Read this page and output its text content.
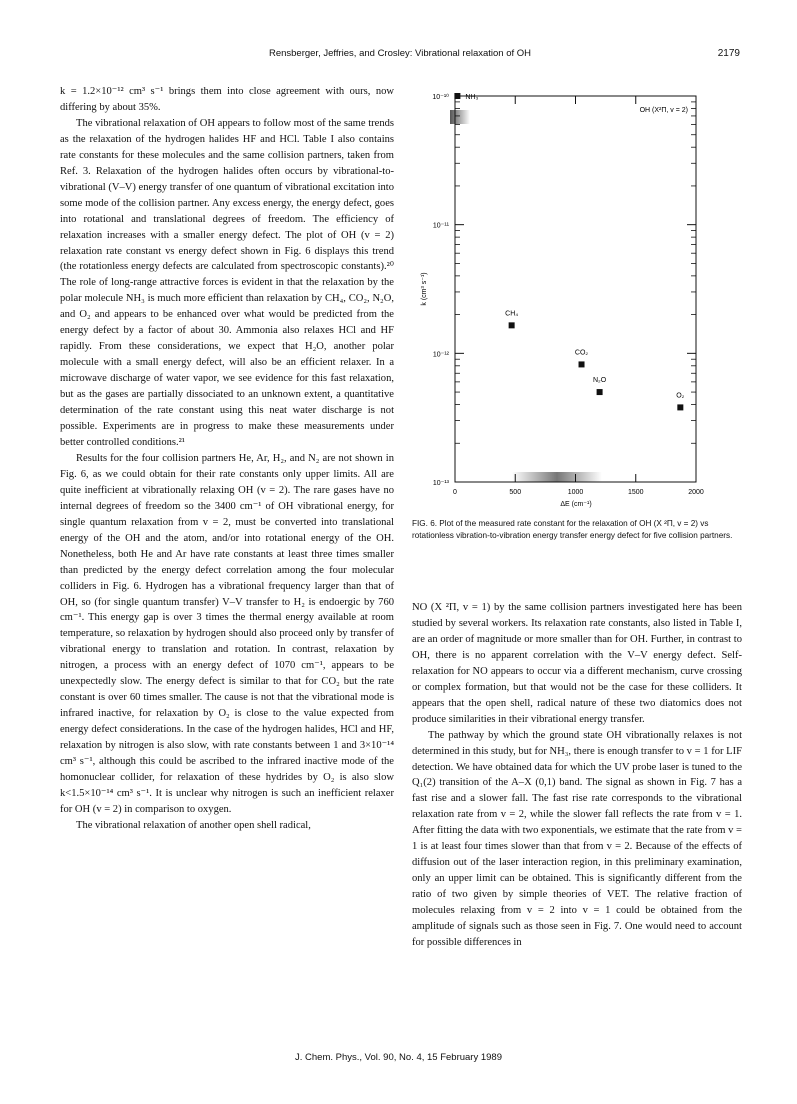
Rensberger, Jeffries, and Crosley: Vibrational relaxation of OH	2179

k = 1.2×10⁻¹² cm³ s⁻¹ brings them into close agreement with ours, now differing by about 35%.

The vibrational relaxation of OH appears to follow most of the same trends as the relaxation of the hydrogen halides HF and HCl. Table I also contains rate constants for these molecules and the same collision partners, taken from Ref. 3. Relaxation of the hydrogen halides often occurs by vibrational-to-vibrational (V–V) energy transfer of one quantum of vibrational excitation into some mode of the collision partner. Any excess energy, the energy defect, goes into rotational and translational degrees of freedom. The efficiency of relaxation increases with a smaller energy defect. The plot of OH (v = 2) relaxation rate constant vs energy defect shown in Fig. 6 displays this trend (the rotationless energy defects are calculated from spectroscopic constants).²⁰ The role of long-range attractive forces is evident in that the relaxation by the polar molecule NH₃ is much more efficient than relaxation by CH₄, CO₂, N₂O, and O₂ and appears to be enhanced over what would be predicted from the energy defect by a factor of about 30. Ammonia also relaxes HCl and HF rapidly. From these considerations, we expect that H₂O, another polar molecule with a small energy defect, will also be an efficient relaxer. In a microwave discharge of water vapor, we see evidence for this fast relaxation, but as the gases are partially dissociated to an unknown extent, a quantitative determination of the rate constant using this neat water discharge is not possible. Experiments are in progress to make these measurements under better controlled conditions.²¹

Results for the four collision partners He, Ar, H₂, and N₂ are not shown in Fig. 6, as we could obtain for their rate constants only upper limits. All are quite inefficient at vibrationally relaxing OH (v = 2). The rare gases have no internal degrees of freedom so the 3400 cm⁻¹ of OH vibrational energy, for single quantum relaxation from v = 2, must be converted into translational energy of the OH and the atom, and/or into rotational energy of the OH. Nonetheless, both He and Ar have rate constants at least three times smaller than predicted by the energy defect correlation among the four molecular colliders in Fig. 6. Hydrogen has a vibrational frequency larger than that of OH, so (for single quantum transfer) V–V transfer to H₂ is endoergic by 760 cm⁻¹. This energy gap is over 3 times the thermal energy available at room temperature, so relaxation by hydrogen should also proceed only by transfer of vibrational energy to translation and rotation. In contrast, relaxation by nitrogen, a process with an energy defect of 1070 cm⁻¹, appears to be unexpectedly slow. The energy defect is similar to that for CO₂ but the rate constant is over 60 times smaller. The cause is not that the vibrational mode is infrared inactive, for relaxation by O₂ is close to the value expected from energy defect considerations. In the case of the hydrogen halides, HCl and HF, relaxation by nitrogen is also slow, with rate constants between 1 and 3×10⁻¹⁴ cm³ s⁻¹, although this could be ascribed to the infrared inactive mode of the homonuclear collider, for relaxation of these hydrides by O₂ is also slow k<1.5×10⁻¹⁴ cm³ s⁻¹. It is unclear why nitrogen is such an inefficient relaxer for OH (v = 2) in comparison to oxygen.

The vibrational relaxation of another open shell radical,

10⁻¹³
10⁻¹²
10⁻¹¹
10⁻¹⁰
0	500	1000	1500	2000
NH₃
CH₄
CO₂
N₂O
O₂
k (cm³ s⁻¹)
ΔE (cm⁻¹)
OH (X²Π, v = 2)
FIG. 6. Plot of the measured rate constant for the relaxation of OH (X ²Π, v = 2) vs rotationless vibration-to-vibration energy transfer energy defect for five collision partners.

NO (X ²Π, v = 1) by the same collision partners investigated here has been studied by several workers. Its relaxation rate constants, also listed in Table I, are an order of magnitude or more smaller than for OH. Further, in contrast to OH, there is no apparent correlation with the V–V energy defect. Self-relaxation for NO appears to occur via a different mechanism, curve crossing or complex formation, but that would not be the case for these colliders. It appears that the open shell, radical nature of these two diatomics does not produce similarities in their vibrational energy transfer.

The pathway by which the ground state OH vibrationally relaxes is not determined in this study, but for NH₃, there is enough transfer to v = 1 for LIF detection. We have obtained data for which the UV probe laser is tuned to the Q₁(2) transition of the A–X (0,1) band. The signal as shown in Fig. 7 has a fast rise and a slower fall. The fast rise rate corresponds to the vibrational relaxation rate from v = 2, while the slower fall reflects the rate from v = 1. After fitting the data with two exponentials, we estimate that the rate from v = 1 is at least four times slower than that from v = 2. Because of the effects of diffusion out of the laser interaction region, in this preliminary examination, only an upper limit can be obtained. This is significantly different from the ratio of two given by simple theories of VET. The relative fraction of molecules relaxing from v = 2 into v = 1 could be obtained from the amplitude of signals such as those seen in Fig. 7. One would need to account for possible differences in

J. Chem. Phys., Vol. 90, No. 4, 15 February 1989
